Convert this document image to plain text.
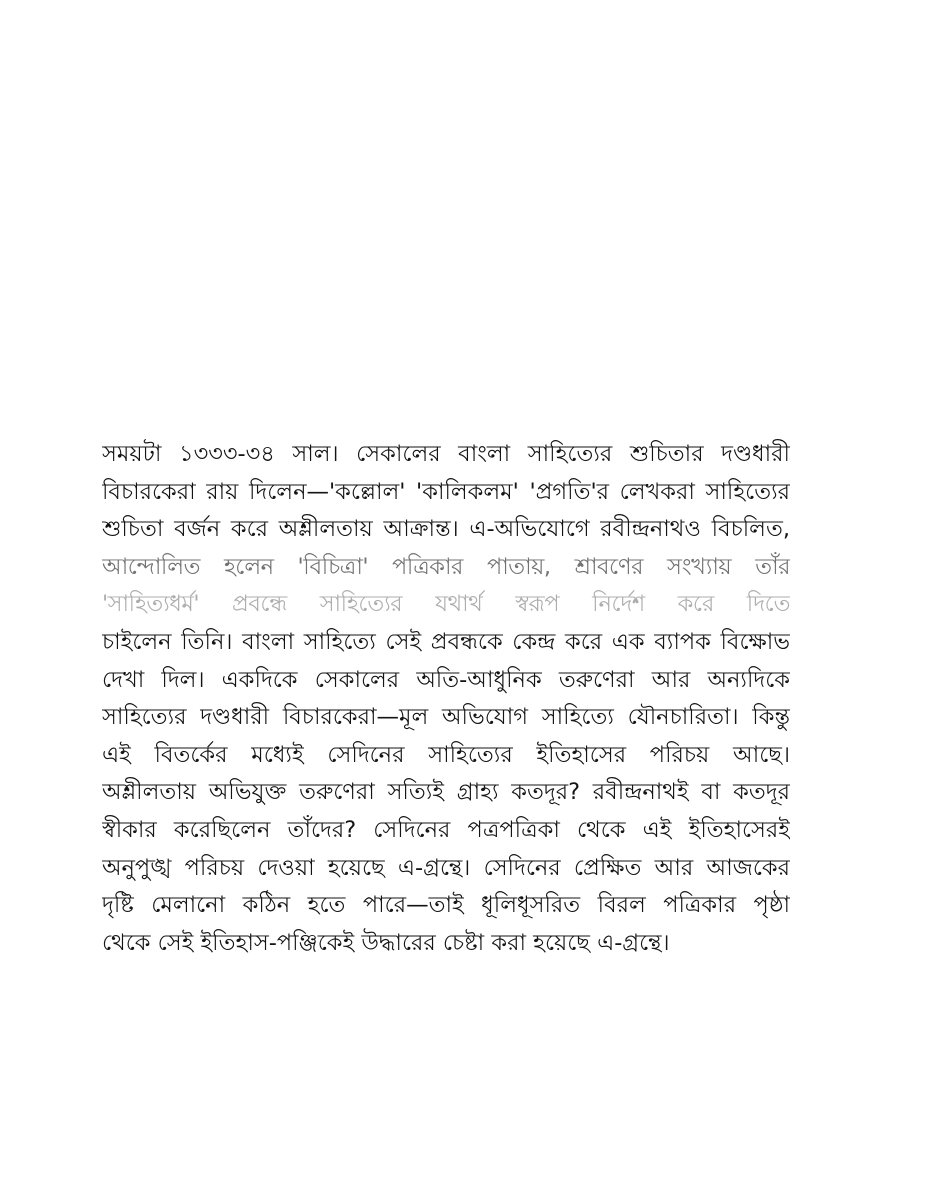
সময়টা ১৩৩৩-৩৪ সাল। সেকালের বাংলা সাহিত্যের শুচিতার দণ্ডধারী
বিচারকেরা রায় দিলেন—'কল্লোল' 'কালিকলম' 'প্রগতি'র লেখকরা সাহিত্যের
শুচিতা বর্জন করে অশ্লীলতায় আক্রান্ত। এ-অভিযোগে রবীন্দ্রনাথও বিচলিত,
আন্দোলিত হলেন 'বিচিত্রা' পত্রিকার পাতায়, শ্রাবণের সংখ্যায় তাঁর
'সাহিত্যধর্ম' প্রবন্ধে সাহিত্যের যথার্থ স্বরূপ নির্দেশ করে দিতে
চাইলেন তিনি। বাংলা সাহিত্যে সেই প্রবন্ধকে কেন্দ্র করে এক ব্যাপক বিক্ষোভ
দেখা দিল। একদিকে সেকালের অতি-আধুনিক তরুণেরা আর অন্যদিকে
সাহিত্যের দণ্ডধারী বিচারকেরা—মূল অভিযোগ সাহিত্যে যৌনচারিতা। কিন্তু
এই বিতর্কের মধ্যেই সেদিনের সাহিত্যের ইতিহাসের পরিচয় আছে।
অশ্লীলতায় অভিযুক্ত তরুণেরা সত্যিই গ্রাহ্য কতদূর? রবীন্দ্রনাথই বা কতদূর
স্বীকার করেছিলেন তাঁদের? সেদিনের পত্রপত্রিকা থেকে এই ইতিহাসেরই
অনুপুঙ্খ পরিচয় দেওয়া হয়েছে এ-গ্রন্থে। সেদিনের প্রেক্ষিত আর আজকের
দৃষ্টি মেলানো কঠিন হতে পারে—তাই ধূলিধূসরিত বিরল পত্রিকার পৃষ্ঠা
থেকে সেই ইতিহাস-পঞ্জিকেই উদ্ধারের চেষ্টা করা হয়েছে এ-গ্রন্থে।
